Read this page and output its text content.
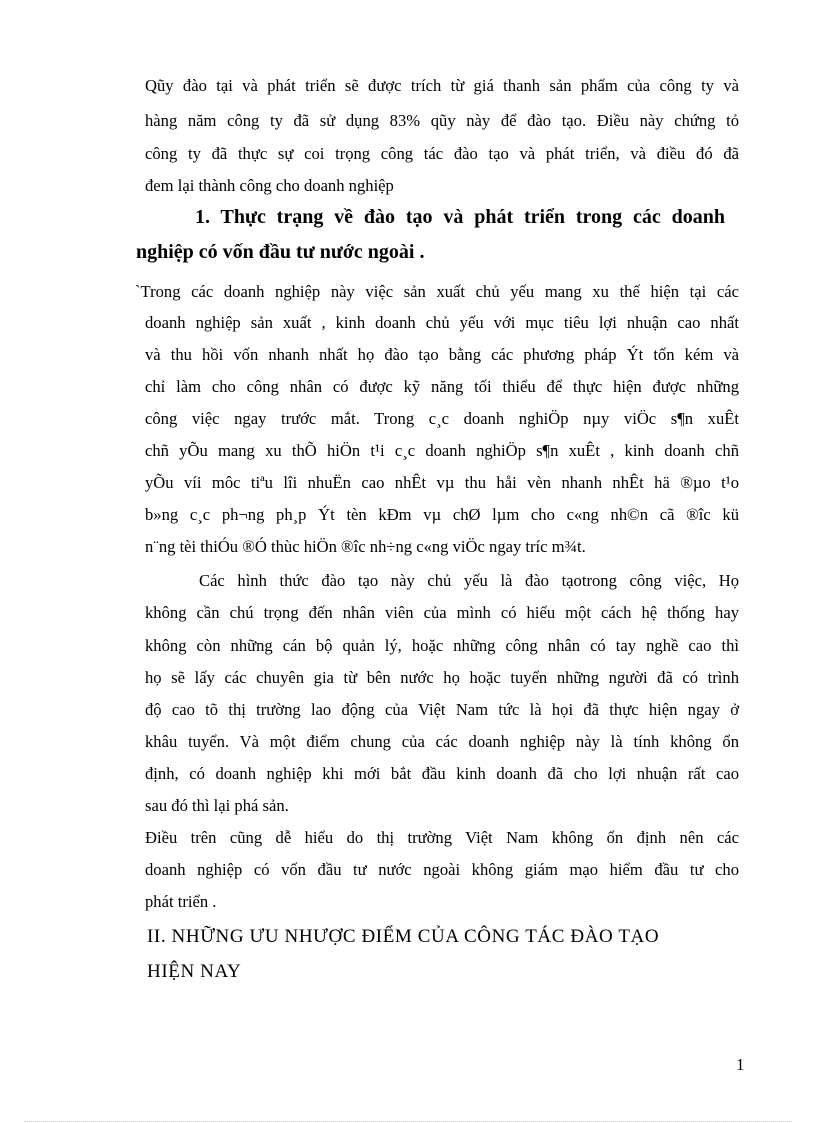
Qũy đào tại và phát triển sẽ được trích từ giá thanh sản phẩm của công ty và
hàng năm công ty đã sử dụng 83% qũy này để đào tạo. Điều này chứng tỏ
công ty đã thực sự coi trọng công tác đào tạo và phát triển, và điều đó đã
đem lại thành công cho doanh nghiệp
1. Thực trạng về đào tạo và phát triển trong các doanh
nghiệp có vốn đầu tư nước ngoài .
`Trong các doanh nghiệp này việc sản xuất chủ yếu mang xu thế hiện tại các
doanh nghiệp sản xuất , kinh doanh chủ yếu với mục tiêu lợi nhuận cao nhất
và thu hồi vốn nhanh nhất họ đào tạo bằng các phương pháp Ýt tốn kém và
chỉ làm cho công nhân có được kỹ năng tối thiểu để thực hiện được những
công việc ngay trước mắt. Trong c¸c doanh nghiÖp nµy viÖc s¶n xuÊt
chñ yÕu mang xu thÕ hiÖn t¹i c¸c doanh nghiÖp s¶n xuÊt , kinh doanh chñ
yÕu víi môc tiªu lîi nhuËn cao nhÊt vµ thu håi vèn nhanh nhÊt hä ®µo t¹o
b»ng c¸c ph¬ng ph¸p Ýt tèn kÐm vµ chØ lµm cho c«ng nh©n cã ®îc kü
n¨ng tèi thiÓu ®Ó thùc hiÖn ®îc nh÷ng c«ng viÖc ngay tríc m¾t.
Các hình thức đào tạo này chủ yếu là đào tạotrong công việc, Họ
không cần chú trọng đến nhân viên của mình có hiểu một cách hệ thống hay
không còn những cán bộ quản lý, hoặc những công nhân có tay nghề cao thì
họ sẽ lấy các chuyên gia từ bên nước họ hoặc tuyển những người đã có trình
độ cao tõ thị trường lao động của Việt Nam tức là họi đã thực hiện ngay ở
khâu tuyển. Và một điểm chung của các doanh nghiệp này là tính không ổn
định, có doanh nghiệp khi mới bắt đầu kinh doanh đã cho lợi nhuận rất cao
sau đó thì lại phá sản.
Điều trên cũng dễ hiểu do thị trường Việt Nam không ổn định nên các
doanh nghiệp có vốn đầu tư nước ngoài không giám mạo hiểm đầu tư cho
phát triển .
II. NHỮNG ƯU NHƯỢC ĐIỂM CỦA CÔNG TÁC ĐÀO TẠO
HIỆN NAY
1
